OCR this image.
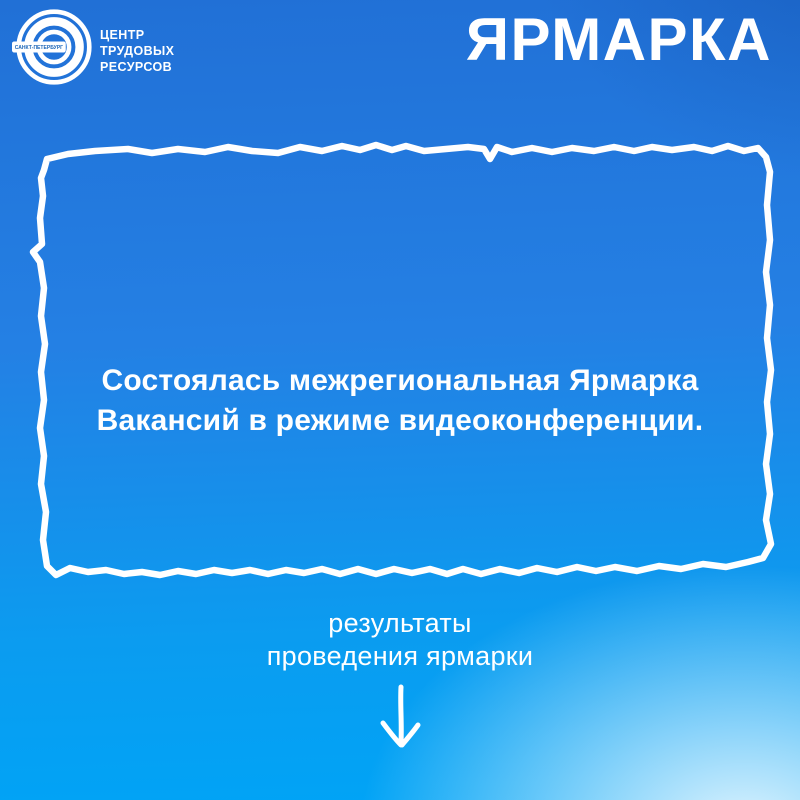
САНКТ-ПЕТЕРБУРГ
ЦЕНТР
ТРУДОВЫХ
РЕСУРСОВ	ЯРМАРКА
Состоялась межрегиональная Ярмарка
Вакансий в режиме видеоконференции.
результаты
проведения ярмарки
